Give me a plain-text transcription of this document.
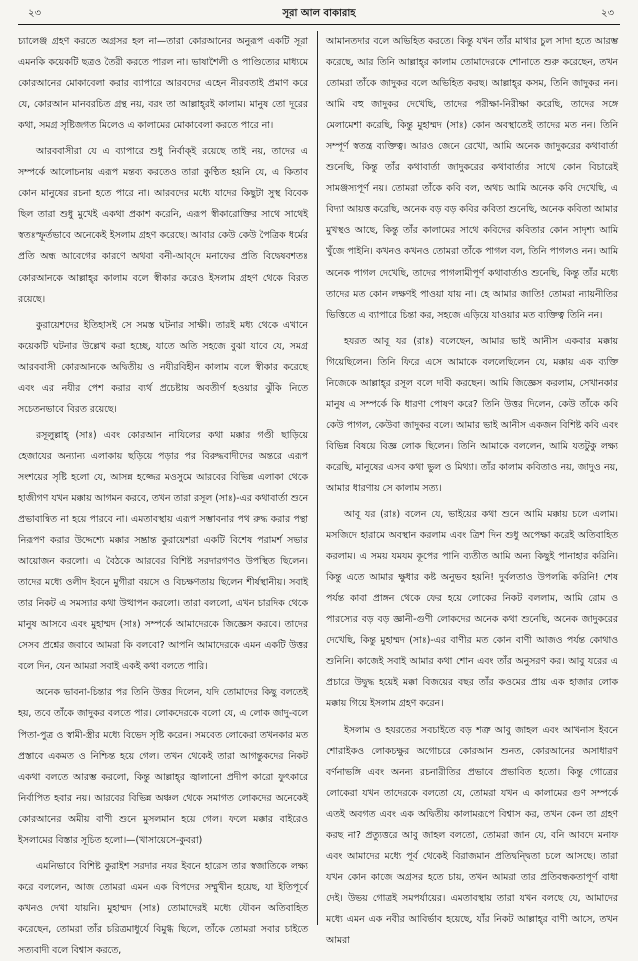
২৩	সূরা আল বাকারাহ	২৩

চ্যালেঞ্জ গ্রহণ করতে অগ্রসর হল না—তারা কোরআনের অনুরূপ একটি সূরা এমনকি কয়েকটি ছত্রও তৈরী করতে পারল না। ভাষাশৈলী ও পাণ্ডিত্যের মাধ্যমে কোরআনের মোকাবেলা করার ব্যাপারে আরবদের এহেন নীরবতাই প্রমাণ করে যে, কোরআন মানবরচিত গ্রন্থ নয়, বরং তা আল্লাহ্‌রই কালাম। মানুষ তো দূরের কথা, সমগ্র সৃষ্টিজগত মিলেও এ কালামের মোকাবেলা করতে পারে না।

আরববাসীরা যে এ ব্যাপারে শুধু নির্বাক্‌ই রয়েছে তাই নয়, তাদের এ সম্পর্কে আলোচনায় এরূপ মন্তব্য করতেও তারা কুণ্ঠিত হয়নি যে, এ কিতাব কোন মানুষের রচনা হতে পারে না। আরবদের মধ্যে যাদের কিছুটা সুস্থ বিবেক ছিল তারা শুধু মুখেই একথা প্রকাশ করেনি, এরূপ স্বীকারোক্তির সাথে সাথেই স্বতঃস্ফূর্তভাবে অনেকেই ইসলাম গ্রহণ করেছে। আবার কেউ কেউ পৈত্রিক ধর্মের প্রতি অন্ধ আবেগের কারণে অথবা বনী-আব্‌দে মনাফের প্রতি বিদ্বেষবশতঃ কোরআনকে আল্লাহ্‌র কালাম বলে স্বীকার করেও ইসলাম গ্রহণ থেকে বিরত রয়েছে।

কুরায়েশদের ইতিহাসই সে সমস্ত ঘটনার সাক্ষী। তারই মধ্য থেকে এখানে কয়েকটি ঘটনার উল্লেখ করা হচ্ছে, যাতে অতি সহজে বুঝা যাবে যে, সমগ্র আরববাসী কোরআনকে অদ্বিতীয় ও নযীরবিহীন কালাম বলে স্বীকার করেছে এবং এর নযীর পেশ করার ব্যর্থ প্রচেষ্টায় অবতীর্ণ হওয়ার ঝুঁকি নিতে সচেতনভাবে বিরত রয়েছে।

রসূলুল্লাহ্‌ (সাঃ) এবং কোরআন নাযিলের কথা মক্কার গণ্ডী ছাড়িয়ে হেজাযের অন্যান্য এলাকায় ছড়িয়ে পড়ার পর বিরুদ্ধবাদীদের অন্তরে এরূপ সংশয়ের সৃষ্টি হলো যে, আসন্ন হজ্জের মওসুমে আরবের বিভিন্ন এলাকা থেকে হাজীগণ যখন মক্কায় আগমন করবে, তখন তারা রসূল (সাঃ)-এর কথাবার্তা শুনে প্রভাবান্বিত না হয়ে পারবে না। এমতাবস্থায় এরূপ সম্ভাবনার পথ রুদ্ধ করার পন্থা নিরূপণ করার উদ্দেশ্যে মক্কার সম্ভ্রান্ত কুরায়েশরা একটি বিশেষ পরামর্শ সভার আয়োজন করলো। এ বৈঠকে আরবের বিশিষ্ট সরদারগণও উপস্থিত ছিলেন। তাদের মধ্যে ওলীদ ইবনে মুগীরা বয়সে ও বিচক্ষণতায় ছিলেন শীর্ষস্থানীয়। সবাই তার নিকট এ সমস্যার কথা উত্থাপন করলো। তারা বললো, এখন চারদিক থেকে মানুষ আসবে এবং মুহাম্মদ (সাঃ) সম্পর্কে আমাদেরকে জিজ্ঞেস করবে। তাদের সেসব প্রশ্নের জবাবে আমরা কি বলবো? আপনি আমাদেরকে এমন একটি উত্তর বলে দিন, যেন আমরা সবাই একই কথা বলতে পারি।

অনেক ভাবনা-চিন্তার পর তিনি উত্তর দিলেন, যদি তোমাদের কিছু বলতেই হয়, তবে তাঁকে জাদুকর বলতে পার। লোকদেরকে বলো যে, এ লোক জাদু-বলে পিতা-পুত্র ও স্বামী-স্ত্রীর মধ্যে বিভেদ সৃষ্টি করেন। সমবেত লোকেরা তখনকার মত প্রস্তাবে একমত ও নিশ্চিন্ত হয়ে গেল। তখন থেকেই তারা আগন্তুকদের নিকট একথা বলতে আরম্ভ করলো, কিন্তু আল্লাহ্‌র জ্বালানো প্রদীপ কারো ফুৎকারে নির্বাপিত হবার নয়। আরবের বিভিন্ন অঞ্চল থেকে সমাগত লোকদের অনেকেই কোরআনের অমীয় বাণী শুনে মুসলমান হয়ে গেল। ফলে মক্কার বাইরেও ইসলামের বিস্তার সূচিত হলো।—(খাসায়েসে-কুবরা)

এমনিভাবে বিশিষ্ট কুরাইশ সরদার নযর ইবনে হারেস তার স্বজাতিকে লক্ষ্য করে বললেন, আজ তোমরা এমন এক বিপদের সম্মুখীন হয়েছ, যা ইতিপূর্বে কখনও দেখা যায়নি। মুহাম্মদ (সাঃ) তোমাদেরই মধ্যে যৌবন অতিবাহিত করেছেন, তোমরা তাঁর চরিত্রমাধুর্যে বিমুগ্ধ ছিলে, তাঁকে তোমরা সবার চাইতে সত্যবাদী বলে বিশ্বাস করতে,

আমানতদার বলে অভিহিত করতে। কিন্তু যখন তাঁর মাথার চুল সাদা হতে আরম্ভ করেছে, আর তিনি আল্লাহ্‌র কালাম তোমাদেরকে শোনাতে শুরু করেছেন, তখন তোমরা তাঁকে জাদুকর বলে অভিহিত করছ। আল্লাহ্‌র কসম, তিনি জাদুকর নন। আমি বহু জাদুকর দেখেছি, তাদের পরীক্ষা-নিরীক্ষা করেছি, তাদের সঙ্গে মেলামেশা করেছি, কিন্তু মুহাম্মদ (সাঃ) কোন অবস্থাতেই তাদের মত নন। তিনি সম্পূর্ণ স্বতন্ত্র ব্যক্তিত্ব। আরও জেনে রেখো, আমি অনেক জাদুকরের কথাবার্তা শুনেছি, কিন্তু তাঁর কথাবার্তা জাদুকরের কথাবার্তার সাথে কোন বিচারেই সামঞ্জস্যপূর্ণ নয়। তোমরা তাঁকে কবি বল, অথচ আমি অনেক কবি দেখেছি, এ বিদ্যা আয়ত্ত করেছি, অনেক বড় বড় কবির কবিতা শুনেছি, অনেক কবিতা আমার মুখস্থও আছে, কিন্তু তাঁর কালামের সাথে কবিদের কবিতার কোন সাদৃশ্য আমি খুঁজে পাইনি। কখনও কখনও তোমরা তাঁকে পাগল বল, তিনি পাগলও নন। আমি অনেক পাগল দেখেছি, তাদের পাগলামীপূর্ণ কথাবার্তাও শুনেছি, কিন্তু তাঁর মধ্যে তাদের মত কোন লক্ষণই পাওয়া যায় না। হে আমার জাতি! তোমরা ন্যায়নীতির ভিত্তিতে এ ব্যাপারে চিন্তা কর, সহজে এড়িয়ে যাওয়ার মত ব্যক্তিত্ব তিনি নন।

হযরত আবূ যর (রাঃ) বলেছেন, আমার ভাই আনীস একবার মক্কায় গিয়েছিলেন। তিনি ফিরে এসে আমাকে বললেছিলেন যে, মক্কায় এক ব্যক্তি নিজেকে আল্লাহ্‌র রসূল বলে দাবী করছেন। আমি জিজ্ঞেস করলাম, সেখানকার মানুষ এ সম্পর্কে কি ধারণা পোষণ করে? তিনি উত্তর দিলেন, কেউ তাঁকে কবি কেউ পাগল, কেউবা জাদুকর বলে। আমার ভাই আনীস একজন বিশিষ্ট কবি এবং বিভিন্ন বিষয়ে বিজ্ঞ লোক ছিলেন। তিনি আমাকে বললেন, আমি যতটুকু লক্ষ্য করেছি, মানুষের এসব কথা ভুল ও মিথ্যা। তাঁর কালাম কবিতাও নয়, জাদুও নয়, আমার ধারণায় সে কালাম সত্য।

আবূ যর (রাঃ) বলেন যে, ভাইয়ের কথা শুনে আমি মক্কায় চলে এলাম। মসজিদে হারামে অবস্থান করলাম এবং ত্রিশ দিন শুধু অপেক্ষা করেই অতিবাহিত করলাম। এ সময় যমযম কূপের পানি ব্যতীত আমি অন্য কিছুই পানাহার করিনি। কিন্তু এতে আমার ক্ষুধার কষ্ট অনুভব হয়নি! দুর্বলতাও উপলব্ধি করিনি! শেষ পর্যন্ত কাবা প্রাঙ্গন থেকে ফের হয়ে লোকের নিকট বললাম, আমি রোম ও পারস্যের বড় বড় জ্ঞানী-গুণী লোকদের অনেক কথা শুনেছি, অনেক জাদুকরের দেখেছি, কিন্তু মুহাম্মদ (সাঃ)-এর বাণীর মত কোন বাণী আজও পর্যন্ত কোথাও শুনিনি। কাজেই সবাই আমার কথা শোন এবং তাঁর অনুসরণ কর। আবু যরের এ প্রচারে উদ্বুদ্ধ হয়েই মক্কা বিজয়ের বছর তাঁর কওমের প্রায় এক হাজার লোক মক্কায় গিয়ে ইসলাম গ্রহণ করেন।

ইসলাম ও হযরতের সবচাইতে বড় শত্রু আবু জাহল এবং আখনাস ইবনে শোরাইকও লোকচক্ষুর অগোচরে কোরআন শুনত, কোরআনের অসাধারণ বর্ণনাভঙ্গি এবং অনন্য রচনারীতির প্রভাবে প্রভাবিত হতো। কিন্তু গোত্রের লোকেরা যখন তাদেরকে বলতো যে, তোমরা যখন এ কালামের গুণ সম্পর্কে এতই অবগত এবং এক অদ্বিতীয় কালামরূপে বিশ্বাস কর, তখন কেন তা গ্রহণ করছ না? প্রত্যুত্তরে আবু জাহল বলতো, তোমরা জান যে, বনি আবদে মনাফ এবং আমাদের মধ্যে পূর্ব থেকেই বিরাজমান প্রতিদ্বন্দ্বিতা চলে আসছে। তারা যখন কোন কাজে অগ্রসর হতে চায়, তখন আমরা তার প্রতিবন্ধকতাপূর্ণ বাধা দেই। উভয় গোত্রই সমপর্যায়ের। এমতাবস্থায় তারা যখন বলছে যে, আমাদের মধ্যে এমন এক নবীর আবির্ভাব হয়েছে, যাঁর নিকট আল্লাহ্‌র বাণী আসে, তখন আমরা
